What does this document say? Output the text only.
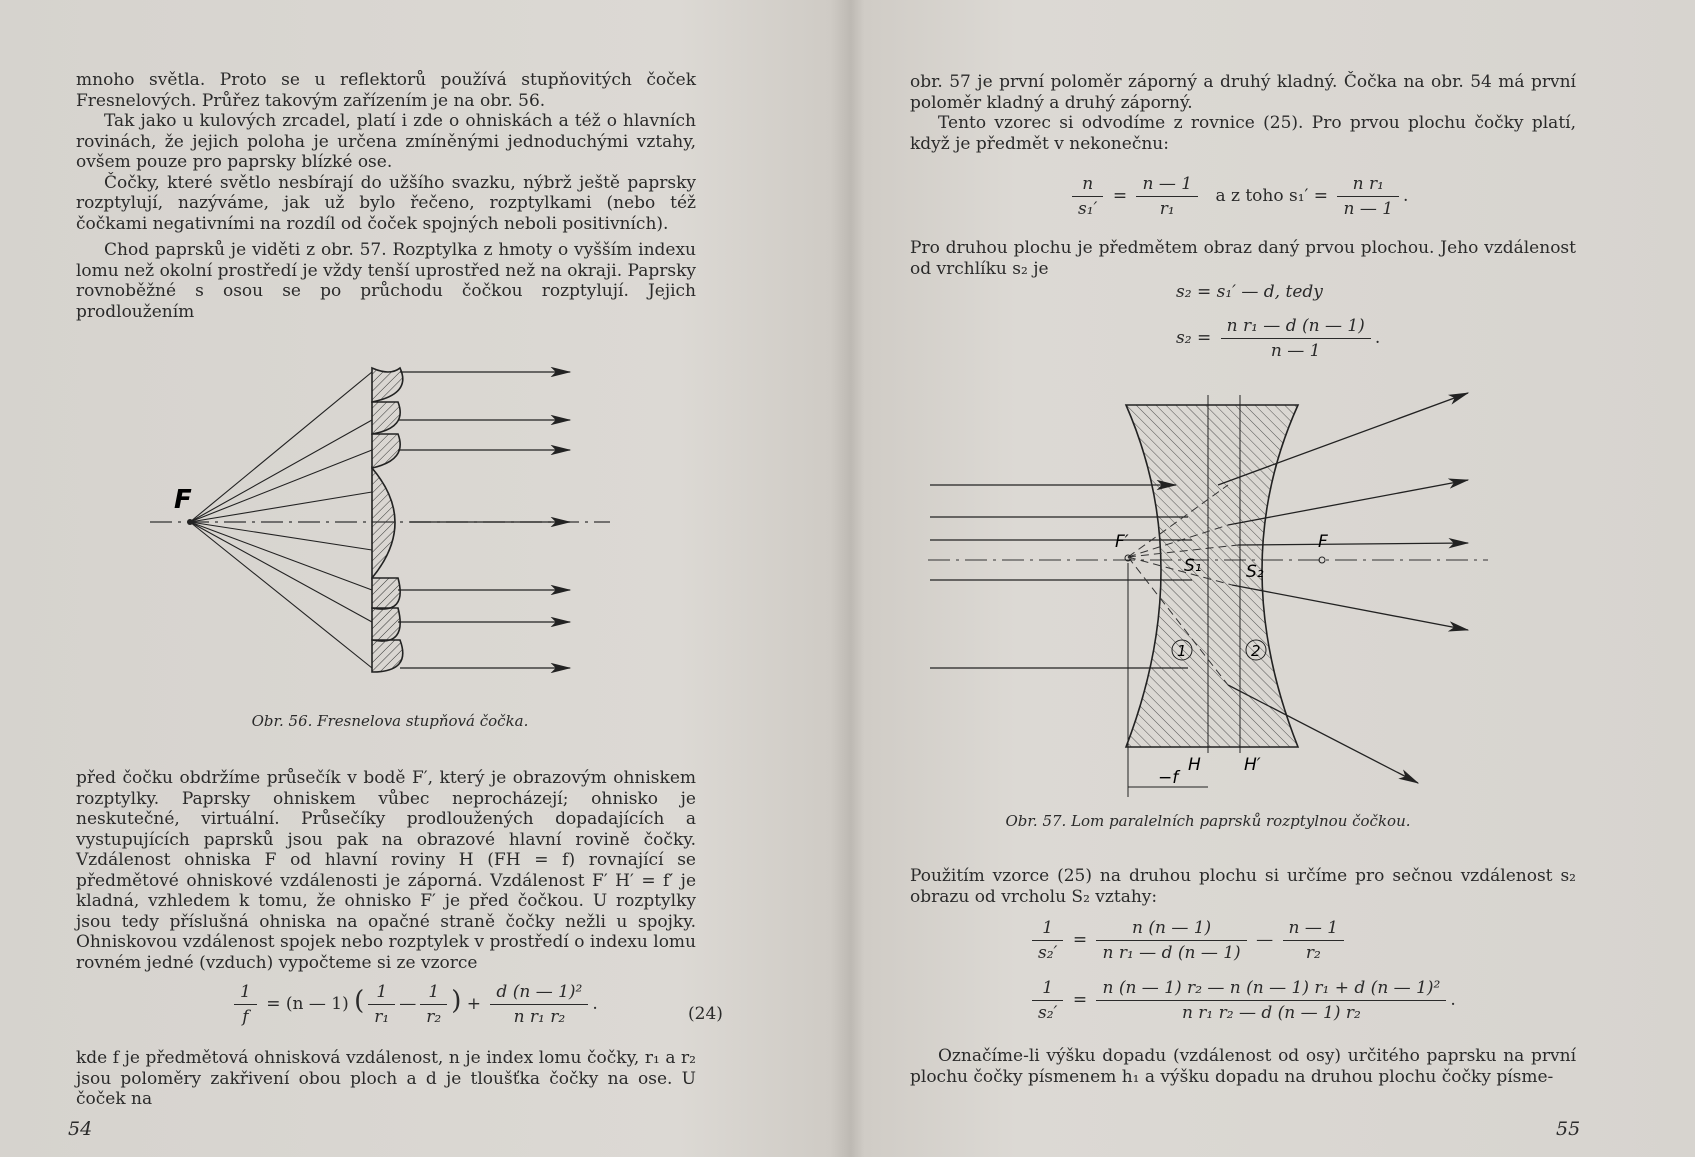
mnoho světla. Proto se u reflektorů používá stupňovitých čoček Fresnelových. Průřez takovým zařízením je na obr. 56.

Tak jako u kulových zrcadel, platí i zde o ohniskách a též o hlavních rovinách, že jejich poloha je určena zmíněnými jednoduchými vztahy, ovšem pouze pro paprsky blízké ose.

Čočky, které světlo nesbírají do užšího svazku, nýbrž ještě paprsky rozptylují, nazýváme, jak už bylo řečeno, rozptylkami (nebo též čočkami negativními na rozdíl od čoček spojných neboli positivních).

Chod paprsků je viděti z obr. 57. Rozptylka z hmoty o vyšším indexu lomu než okolní prostředí je vždy tenší uprostřed než na okraji. Paprsky rovnoběžné s osou se po průchodu čočkou rozptylují. Jejich prodloužením

F
Obr. 56. Fresnelova stupňová čočka.

před čočku obdržíme průsečík v bodě F′, který je obrazovým ohniskem rozptylky. Paprsky ohniskem vůbec neprocházejí; ohnisko je neskutečné, virtuální. Průsečíky prodloužených dopadajících a vystupujících paprsků jsou pak na obrazové hlavní rovině čočky. Vzdálenost ohniska F od hlavní roviny H (FH = f) rovnající se předmětové ohniskové vzdálenosti je záporná. Vzdálenost F′ H′ = f′ je kladná, vzhledem k tomu, že ohnisko F′ je před čočkou. U rozptylky jsou tedy příslušná ohniska na opačné straně čočky nežli u spojky. Ohniskovou vzdálenost spojek nebo rozptylek v prostředí o indexu lomu rovném jedné (vzduch) vypočteme si ze vzorce

$\frac{1}{f} = (n$ — 1) ( $\frac{1}{\text{r₁}}$ — $\frac{1}{\text{r₂}}$ ) + $\frac{\text{d (n — 1)²}}{\text{n r₁ r₂}}$ .	(24)

kde f je předmětová ohnisková vzdálenost, n je index lomu čočky, r₁ a r₂ jsou poloměry zakřivení obou ploch a d je tloušťka čočky na ose. U čoček na

54

obr. 57 je první poloměr záporný a druhý kladný. Čočka na obr. 54 má první poloměr kladný a druhý záporný.

Tento vzorec si odvodíme z rovnice (25). Pro prvou plochu čočky platí, když je předmět v nekonečnu:

$\frac{n}{\text{s₁′}} = \frac{n — 1}{\text{r₁}}$ a z toho $s_1' = \frac{\text{n r₁}}{n — 1}$ .

Pro druhou plochu je předmětem obraz daný prvou plochou. Jeho vzdálenost od vrchlíku s₂ je

s₂ = s₁′ — d, tedy
$s_2 = \frac{\text{n r₁ — d (n — 1)}}{n — 1}$ .
F′	F
S₁	S₂
1	2
H	H′
−f
Obr. 57. Lom paralelních paprsků rozptylnou čočkou.

Použitím vzorce (25) na druhou plochu si určíme pro sečnou vzdálenost s₂ obrazu od vrcholu S₂ vztahy:

$\frac{1}{\text{s₂′}} = \frac{n (n — 1)}{\text{n r₁ — d (n — 1)}}$ — $\frac{n — 1}{\text{r₂}}$
$\frac{1}{\text{s₂′}} = \frac{\text{n (n — 1) r₂ — n (n — 1) r₁ + d (n — 1)²}}{\text{n r₁ r₂ — d (n — 1) r₂}}$ .

Označíme-li výšku dopadu (vzdálenost od osy) určitého paprsku na první plochu čočky písmenem h₁ a výšku dopadu na druhou plochu čočky písme-

55
